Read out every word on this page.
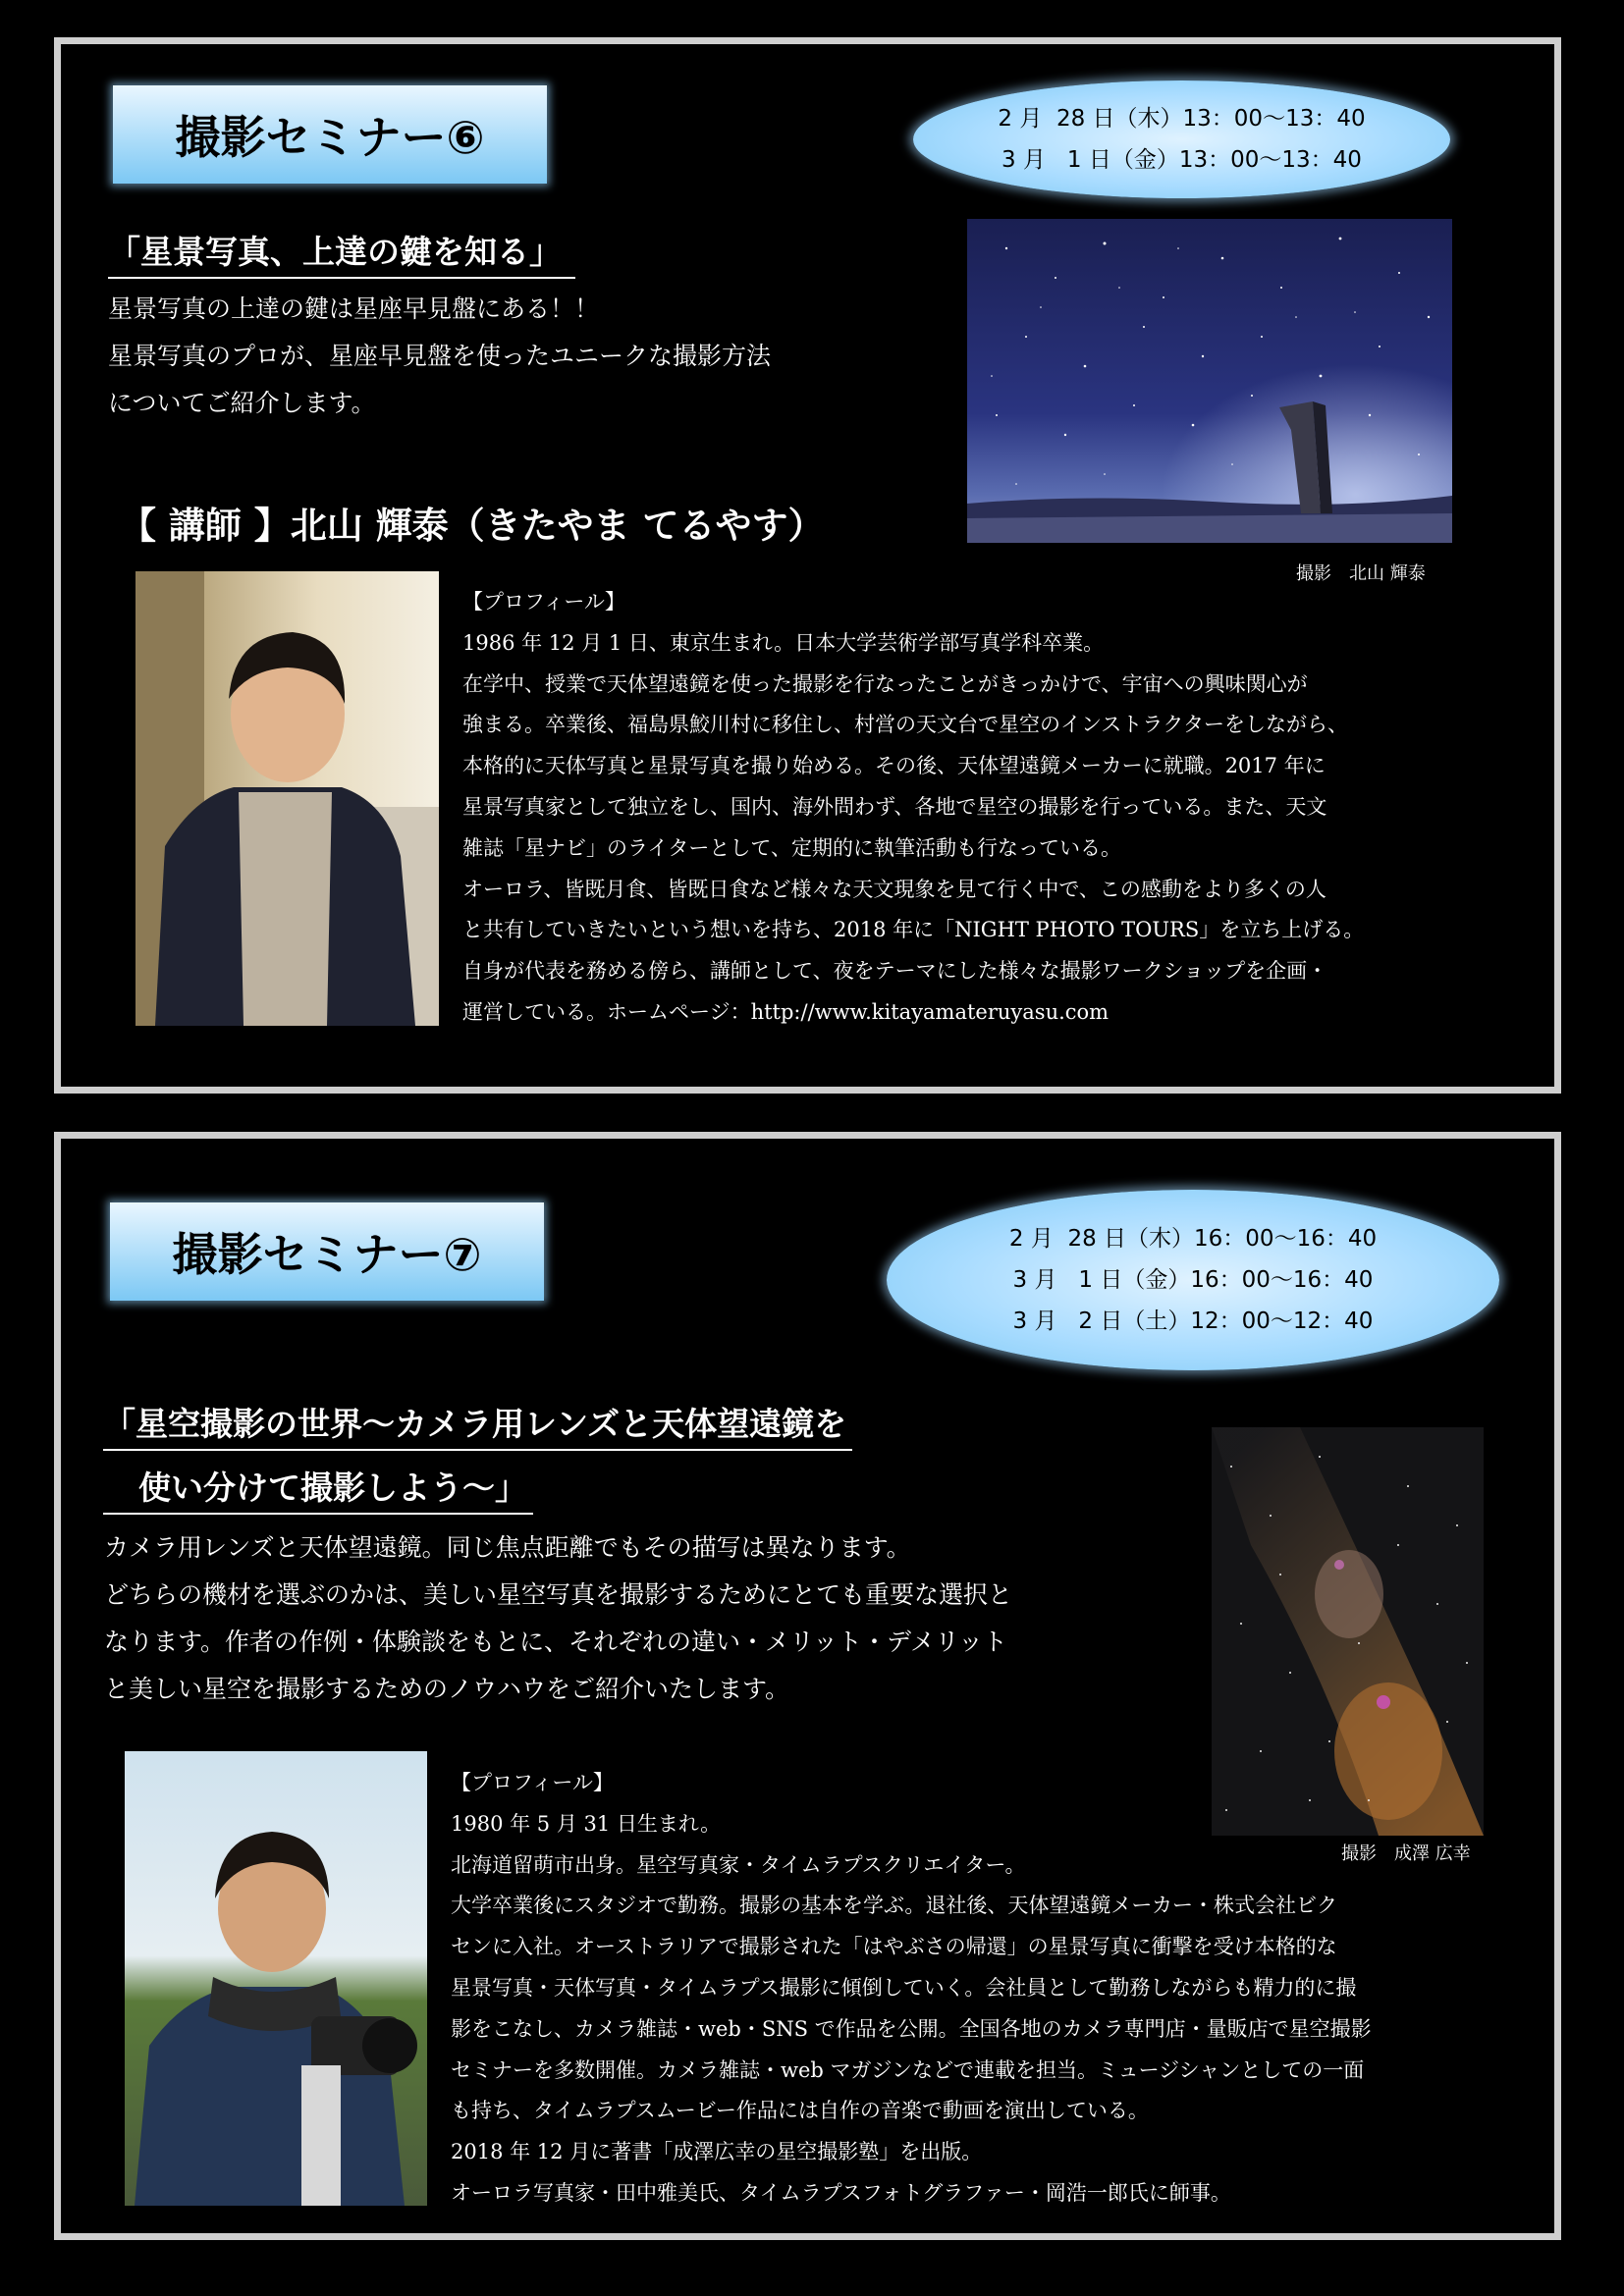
撮影セミナー⑥	2 月  28 日（木）13：00〜13：40
3 月   1 日（金）13：00〜13：40
「星景写真、上達の鍵を知る」
星景写真の上達の鍵は星座早見盤にある！！
星景写真のプロが、星座早見盤を使ったユニークな撮影方法
についてご紹介します。
撮影　北山 輝泰
【 講師 】北山 輝泰（きたやま てるやす）
【プロフィール】
1986 年 12 月 1 日、東京生まれ。日本大学芸術学部写真学科卒業。
在学中、授業で天体望遠鏡を使った撮影を行なったことがきっかけで、宇宙への興味関心が
強まる。卒業後、福島県鮫川村に移住し、村営の天文台で星空のインストラクターをしながら、
本格的に天体写真と星景写真を撮り始める。その後、天体望遠鏡メーカーに就職。2017 年に
星景写真家として独立をし、国内、海外問わず、各地で星空の撮影を行っている。また、天文
雑誌「星ナビ」のライターとして、定期的に執筆活動も行なっている。
オーロラ、皆既月食、皆既日食など様々な天文現象を見て行く中で、この感動をより多くの人
と共有していきたいという想いを持ち、2018 年に「NIGHT PHOTO TOURS」を立ち上げる。
自身が代表を務める傍ら、講師として、夜をテーマにした様々な撮影ワークショップを企画・
運営している。ホームページ：http://www.kitayamateruyasu.com
撮影セミナー⑦	2 月  28 日（木）16：00〜16：40
3 月   1 日（金）16：00〜16：40
3 月   2 日（土）12：00〜12：40
「星空撮影の世界〜カメラ用レンズと天体望遠鏡を
使い分けて撮影しよう〜」
カメラ用レンズと天体望遠鏡。同じ焦点距離でもその描写は異なります。
どちらの機材を選ぶのかは、美しい星空写真を撮影するためにとても重要な選択と
なります。作者の作例・体験談をもとに、それぞれの違い・メリット・デメリット
と美しい星空を撮影するためのノウハウをご紹介いたします。
撮影　成澤 広幸
【プロフィール】
1980 年 5 月 31 日生まれ。
北海道留萌市出身。星空写真家・タイムラプスクリエイター。
大学卒業後にスタジオで勤務。撮影の基本を学ぶ。退社後、天体望遠鏡メーカー・株式会社ビク
センに入社。オーストラリアで撮影された「はやぶさの帰還」の星景写真に衝撃を受け本格的な
星景写真・天体写真・タイムラプス撮影に傾倒していく。会社員として勤務しながらも精力的に撮
影をこなし、カメラ雑誌・web・SNS で作品を公開。全国各地のカメラ専門店・量販店で星空撮影
セミナーを多数開催。カメラ雑誌・web マガジンなどで連載を担当。ミュージシャンとしての一面
も持ち、タイムラプスムービー作品には自作の音楽で動画を演出している。
2018 年 12 月に著書「成澤広幸の星空撮影塾」を出版。
オーロラ写真家・田中雅美氏、タイムラプスフォトグラファー・岡浩一郎氏に師事。
